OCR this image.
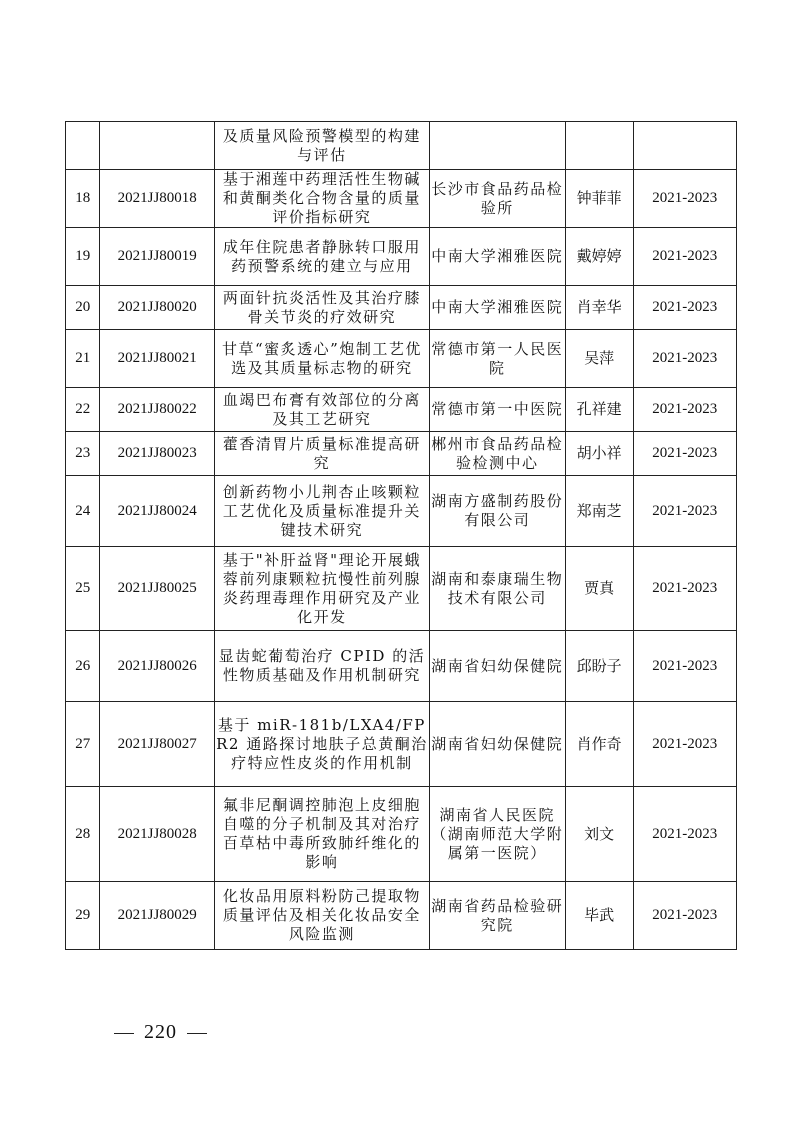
		及质量风险预警模型的构建与评估			

18	2021JJ80018	基于湘莲中药理活性生物碱和黄酮类化合物含量的质量评价指标研究	长沙市食品药品检验所	钟菲菲	2021-2023
19	2021JJ80019	成年住院患者静脉转口服用药预警系统的建立与应用	中南大学湘雅医院	戴婷婷	2021-2023
20	2021JJ80020	两面针抗炎活性及其治疗膝骨关节炎的疗效研究	中南大学湘雅医院	肖幸华	2021-2023
21	2021JJ80021	甘草“蜜炙透心”炮制工艺优选及其质量标志物的研究	常德市第一人民医院	吴萍	2021-2023
22	2021JJ80022	血竭巴布膏有效部位的分离及其工艺研究	常德市第一中医院	孔祥建	2021-2023
23	2021JJ80023	藿香清胃片质量标准提高研究	郴州市食品药品检验检测中心	胡小祥	2021-2023
24	2021JJ80024	创新药物小儿荆杏止咳颗粒工艺优化及质量标准提升关键技术研究	湖南方盛制药股份有限公司	郑南芝	2021-2023
25	2021JJ80025	基于"补肝益肾"理论开展蛾蓉前列康颗粒抗慢性前列腺炎药理毒理作用研究及产业化开发	湖南和泰康瑞生物技术有限公司	贾真	2021-2023
26	2021JJ80026	显齿蛇葡萄治疗 CPID 的活性物质基础及作用机制研究	湖南省妇幼保健院	邱盼子	2021-2023
27	2021JJ80027	基于 miR-181b/LXA4/FPR2 通路探讨地肤子总黄酮治疗特应性皮炎的作用机制	湖南省妇幼保健院	肖作奇	2021-2023
28	2021JJ80028	氟非尼酮调控肺泡上皮细胞自噬的分子机制及其对治疗百草枯中毒所致肺纤维化的影响	湖南省人民医院（湖南师范大学附属第一医院）	刘文	2021-2023
29	2021JJ80029	化妆品用原料粉防己提取物质量评估及相关化妆品安全风险监测	湖南省药品检验研究院	毕武	2021-2023
220
